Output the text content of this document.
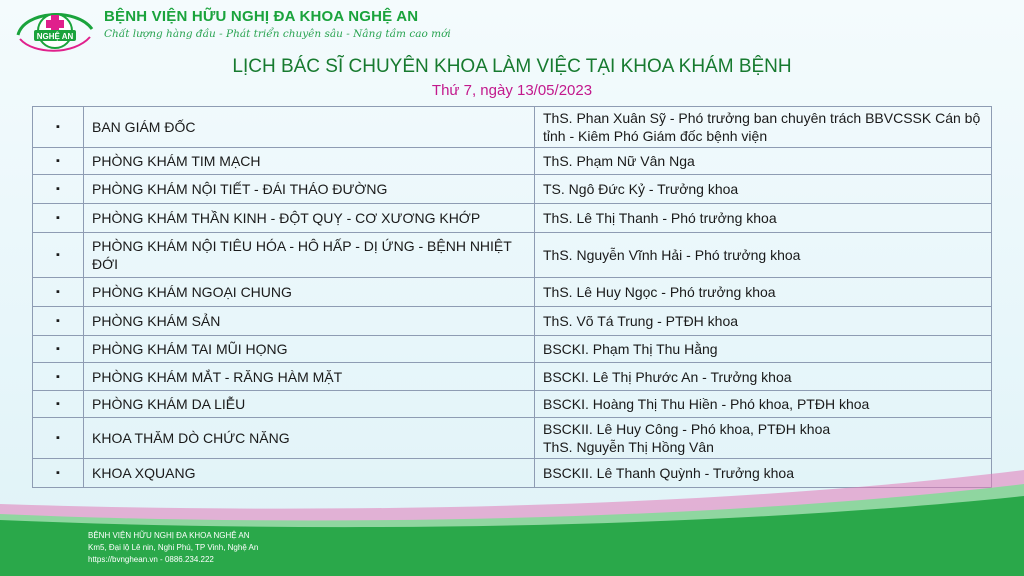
NGHỆ AN
BỆNH VIỆN HỮU NGHỊ ĐA KHOA NGHỆ AN
Chất lượng hàng đầu - Phát triển chuyên sâu - Nâng tầm cao mới
LỊCH BÁC SĨ CHUYÊN KHOA LÀM VIỆC TẠI KHOA KHÁM BỆNH
Thứ 7, ngày 13/05/2023
▪	BAN GIÁM ĐỐC	ThS. Phan Xuân Sỹ - Phó trưởng ban chuyên trách BBVCSSK Cán bộ tỉnh - Kiêm Phó Giám đốc bệnh viện

▪	PHÒNG KHÁM TIM MẠCH	ThS. Phạm Nữ Vân Nga

▪	PHÒNG KHÁM NỘI TIẾT - ĐÁI THÁO ĐƯỜNG	TS. Ngô Đức Kỷ - Trưởng khoa

▪	PHÒNG KHÁM THẦN KINH - ĐỘT QUỴ - CƠ XƯƠNG KHỚP	ThS. Lê Thị Thanh - Phó trưởng khoa

▪	PHÒNG KHÁM NỘI TIÊU HÓA - HÔ HẤP - DỊ ỨNG - BỆNH NHIỆT ĐỚI	ThS. Nguyễn Vĩnh Hải - Phó trưởng khoa

▪	PHÒNG KHÁM NGOẠI CHUNG	ThS. Lê Huy Ngọc - Phó trưởng khoa

▪	PHÒNG KHÁM SẢN	ThS. Võ Tá Trung - PTĐH khoa

▪	PHÒNG KHÁM TAI MŨI HỌNG	BSCKI. Phạm Thị Thu Hằng

▪	PHÒNG KHÁM MẮT - RĂNG HÀM MẶT	BSCKI. Lê Thị Phước An - Trưởng khoa

▪	PHÒNG KHÁM DA LIỄU	BSCKI. Hoàng Thị Thu Hiền - Phó khoa, PTĐH khoa

▪	KHOA THĂM DÒ CHỨC NĂNG	BSCKII. Lê Huy Công - Phó khoa, PTĐH khoa
ThS. Nguyễn Thị Hồng Vân

▪	KHOA XQUANG	BSCKII. Lê Thanh Quỳnh - Trưởng khoa
BỆNH VIỆN HỮU NGHỊ ĐA KHOA NGHỆ AN
Km5, Đại lộ Lê nin, Nghi Phú, TP Vinh, Nghệ An
https://bvnghean.vn - 0886.234.222
